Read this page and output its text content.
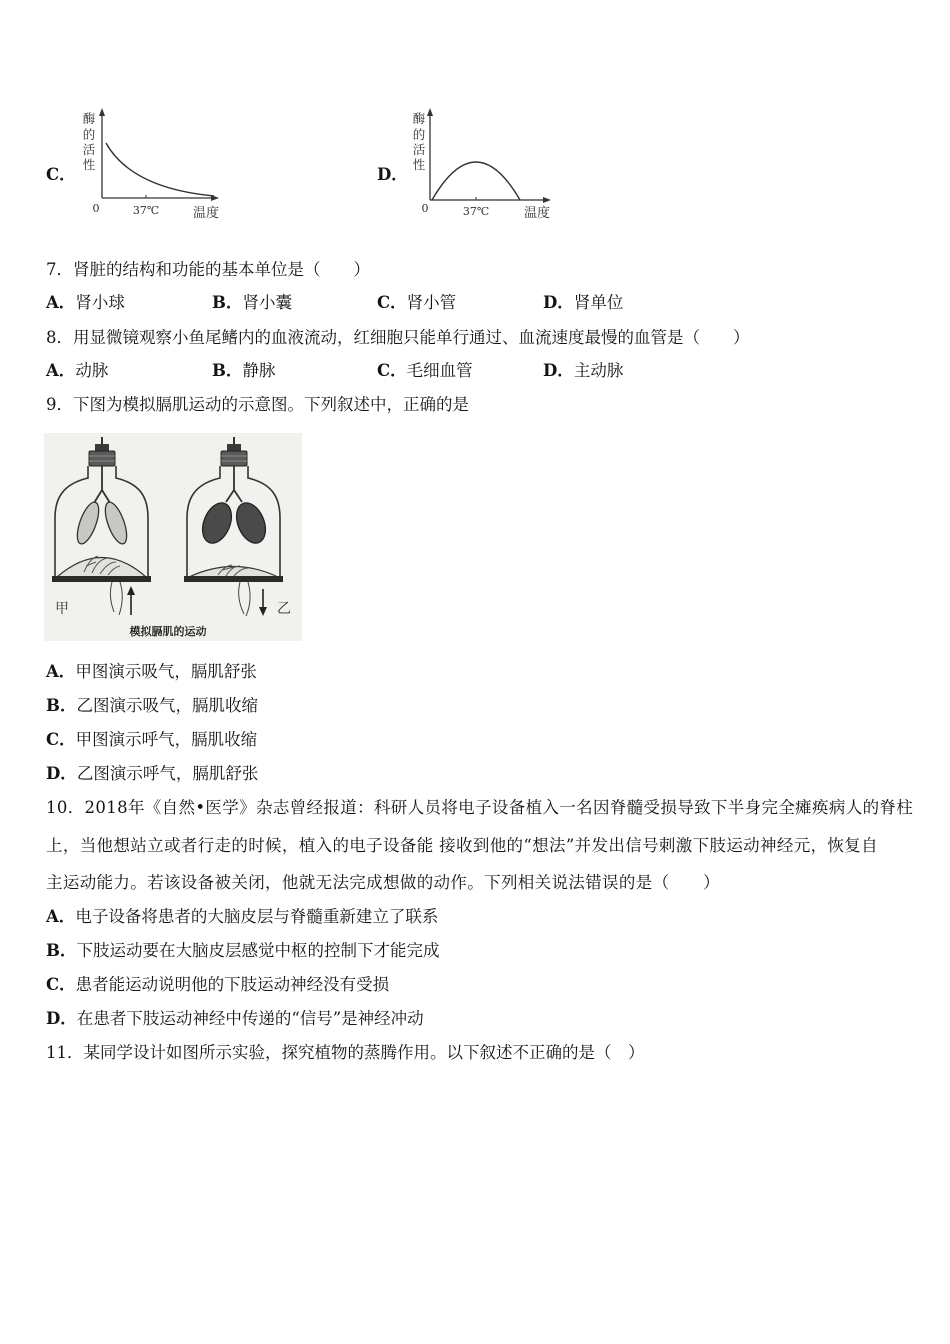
C．
酶
的
活
性
0	37℃	温度
D．
酶
的
活
性
0	37℃	温度
7．肾脏的结构和功能的基本单位是（　　）
A．肾小球	B．肾小囊	C．肾小管	D．肾单位
8．用显微镜观察小鱼尾鳍内的血液流动，红细胞只能单行通过、血流速度最慢的血管是（　　）
A．动脉	B．静脉	C．毛细血管	D．主动脉
9．下图为模拟膈肌运动的示意图。下列叙述中，正确的是
甲	乙
模拟膈肌的运动
A．甲图演示吸气，膈肌舒张
B．乙图演示吸气，膈肌收缩
C．甲图演示呼气，膈肌收缩
D．乙图演示呼气，膈肌舒张
10．2018年《自然•医学》杂志曾经报道：科研人员将电子设备植入一名因脊髓受损导致下半身完全瘫痪病人的脊柱
上，当他想站立或者行走的时候，植入的电子设备能 接收到他的“想法”并发出信号刺激下肢运动神经元，恢复自
主运动能力。若该设备被关闭，他就无法完成想做的动作。下列相关说法错误的是（　　）
A．电子设备将患者的大脑皮层与脊髓重新建立了联系
B．下肢运动要在大脑皮层感觉中枢的控制下才能完成
C．患者能运动说明他的下肢运动神经没有受损
D．在患者下肢运动神经中传递的“信号”是神经冲动
11．某同学设计如图所示实验，探究植物的蒸腾作用。以下叙述不正确的是（　）
